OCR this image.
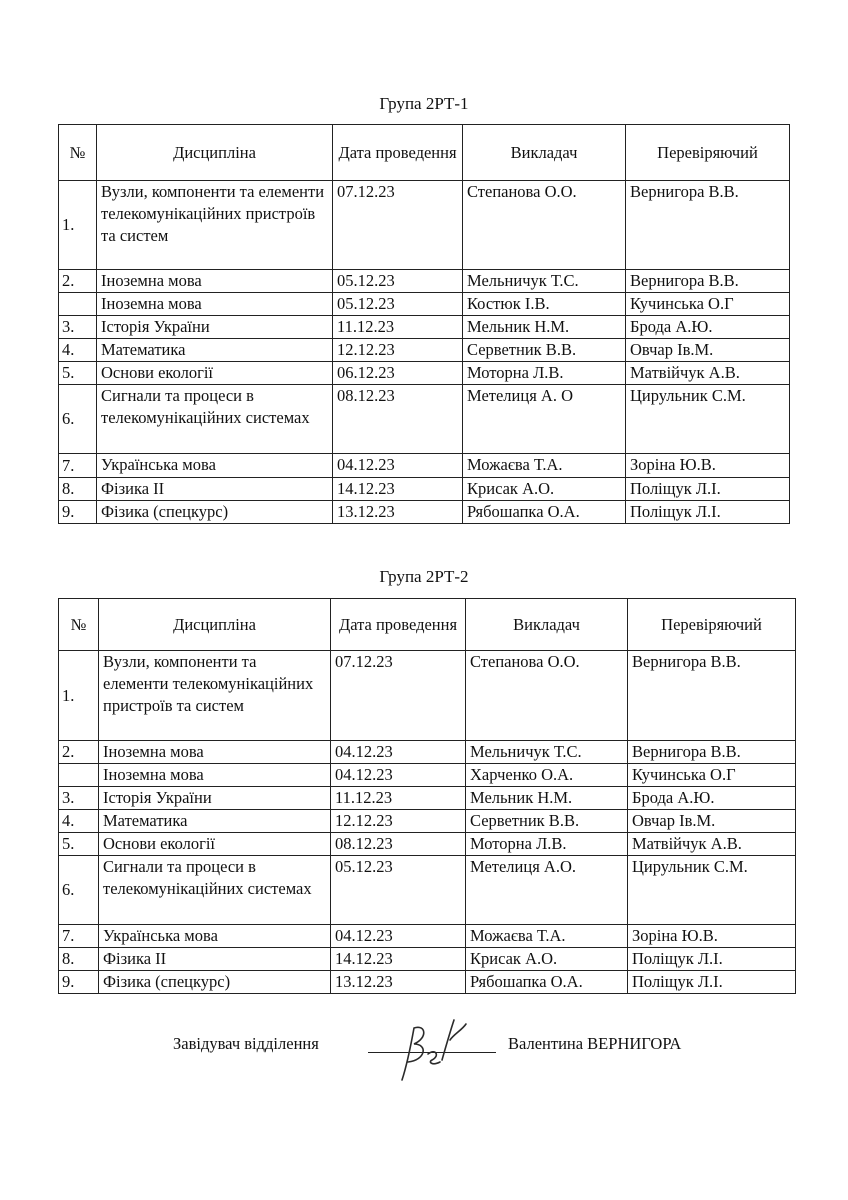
Група 2РТ-1
№	Дисципліна	Дата проведення	Викладач	Перевіряючий
1.	Вузли, компоненти та елементи телекомунікаційних пристроїв та систем	07.12.23	Степанова О.О.	Вернигора В.В.
2.	Іноземна мова	05.12.23	Мельничук Т.С.	Вернигора В.В.
	Іноземна мова	05.12.23	Костюк І.В.	Кучинська О.Г
3.	Історія України	11.12.23	Мельник Н.М.	Брода А.Ю.
4.	Математика	12.12.23	Серветник В.В.	Овчар Ів.М.
5.	Основи екології	06.12.23	Моторна Л.В.	Матвійчук А.В.
6.	Сигнали та процеси в телекомунікаційних системах	08.12.23	Метелиця А. О	Цирульник С.М.
7.	Українська мова	04.12.23	Можаєва Т.А.	Зоріна Ю.В.
8.	Фізика ІІ	14.12.23	Крисак А.О.	Поліщук Л.І.
9.	Фізика (спецкурс)	13.12.23	Рябошапка О.А.	Поліщук Л.І.
Група 2РТ-2
№	Дисципліна	Дата проведення	Викладач	Перевіряючий
1.	Вузли, компоненти та елементи телекомунікаційних пристроїв та систем	07.12.23	Степанова О.О.	Вернигора В.В.
2.	Іноземна мова	04.12.23	Мельничук Т.С.	Вернигора В.В.
	Іноземна мова	04.12.23	Харченко О.А.	Кучинська О.Г
3.	Історія України	11.12.23	Мельник Н.М.	Брода А.Ю.
4.	Математика	12.12.23	Серветник В.В.	Овчар Ів.М.
5.	Основи екології	08.12.23	Моторна Л.В.	Матвійчук А.В.
6.	Сигнали та процеси в телекомунікаційних системах	05.12.23	Метелиця А.О.	Цирульник С.М.
7.	Українська мова	04.12.23	Можаєва Т.А.	Зоріна Ю.В.
8.	Фізика ІІ	14.12.23	Крисак А.О.	Поліщук Л.І.
9.	Фізика (спецкурс)	13.12.23	Рябошапка О.А.	Поліщук Л.І.
Завідувач відділення	Валентина ВЕРНИГОРА
